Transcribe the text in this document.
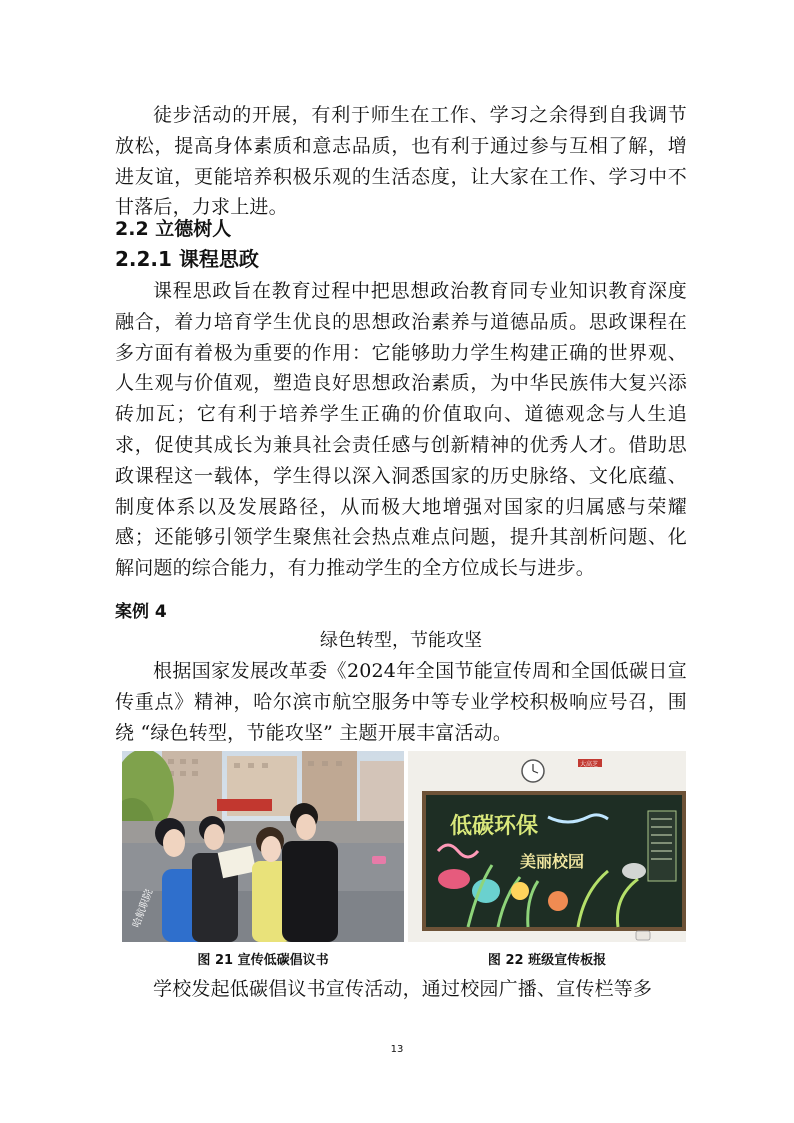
徒步活动的开展，有利于师生在工作、学习之余得到自我调节放松，提高身体素质和意志品质，也有利于通过参与互相了解，增进友谊，更能培养积极乐观的生活态度，让大家在工作、学习中不甘落后，力求上进。
2.2 立德树人
2.2.1 课程思政
课程思政旨在教育过程中把思想政治教育同专业知识教育深度融合，着力培育学生优良的思想政治素养与道德品质。思政课程在多方面有着极为重要的作用：它能够助力学生构建正确的世界观、人生观与价值观，塑造良好思想政治素质，为中华民族伟大复兴添砖加瓦；它有利于培养学生正确的价值取向、道德观念与人生追求，促使其成长为兼具社会责任感与创新精神的优秀人才。借助思政课程这一载体，学生得以深入洞悉国家的历史脉络、文化底蕴、制度体系以及发展路径，从而极大地增强对国家的归属感与荣耀感；还能够引领学生聚焦社会热点难点问题，提升其剖析问题、化解问题的综合能力，有力推动学生的全方位成长与进步。
案例 4
绿色转型，节能攻坚
根据国家发展改革委《2024年全国节能宣传周和全国低碳日宣传重点》精神，哈尔滨市航空服务中等专业学校积极响应号召，围绕 “绿色转型，节能攻坚” 主题开展丰富活动。
哈航职院
大高芝
低碳环保
美丽校园
图 21 宣传低碳倡议书	图 22 班级宣传板报
学校发起低碳倡议书宣传活动，通过校园广播、宣传栏等多
13
